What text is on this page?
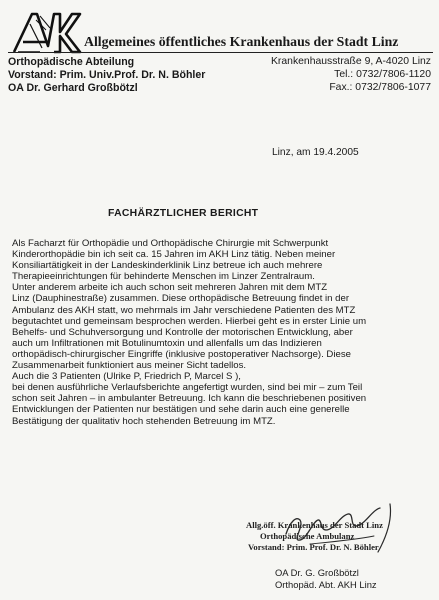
Allgemeines öffentliches Krankenhaus der Stadt Linz
Orthopädische Abteilung
Vorstand: Prim. Univ.Prof. Dr. N. Böhler
OA Dr. Gerhard Großbötzl
Krankenhausstraße 9, A-4020 Linz
Tel.: 0732/7806-1120
Fax.: 0732/7806-1077
Linz, am 19.4.2005
FACHÄRZTLICHER BERICHT
Als Facharzt für Orthopädie und Orthopädische Chirurgie mit Schwerpunkt
Kinderorthopädie bin ich seit ca. 15 Jahren im AKH Linz tätig. Neben meiner
Konsiliartätigkeit in der Landeskinderklinik Linz betreue ich auch mehrere
Therapieeinrichtungen für behinderte Menschen im Linzer Zentralraum.
Unter anderem arbeite ich auch schon seit mehreren Jahren mit dem MTZ
Linz (Dauphinestraße) zusammen. Diese orthopädische Betreuung findet in der
Ambulanz des AKH statt, wo mehrmals im Jahr verschiedene Patienten des MTZ
begutachtet und gemeinsam besprochen werden. Hierbei geht es in erster Linie um
Behelfs- und Schuhversorgung und Kontrolle der motorischen Entwicklung, aber
auch um Infiltrationen mit Botulinumtoxin und allenfalls um das Indizieren
orthopädisch-chirurgischer Eingriffe (inklusive postoperativer Nachsorge). Diese
Zusammenarbeit funktioniert aus meiner Sicht tadellos.
Auch die 3 Patienten (Ulrike P, Friedrich P, Marcel S ),
bei denen ausführliche Verlaufsberichte angefertigt wurden, sind bei mir – zum Teil
schon seit Jahren – in ambulanter Betreuung. Ich kann die beschriebenen positiven
Entwicklungen der Patienten nur bestätigen und sehe darin auch eine generelle
Bestätigung der qualitativ hoch stehenden Betreuung im MTZ.
Allg.öff. Krankenhaus der Stadt Linz
Orthopädische Ambulanz
Vorstand: Prim. Prof. Dr. N. Böhler
OA Dr. G. Großbötzl
Orthopäd. Abt. AKH Linz
